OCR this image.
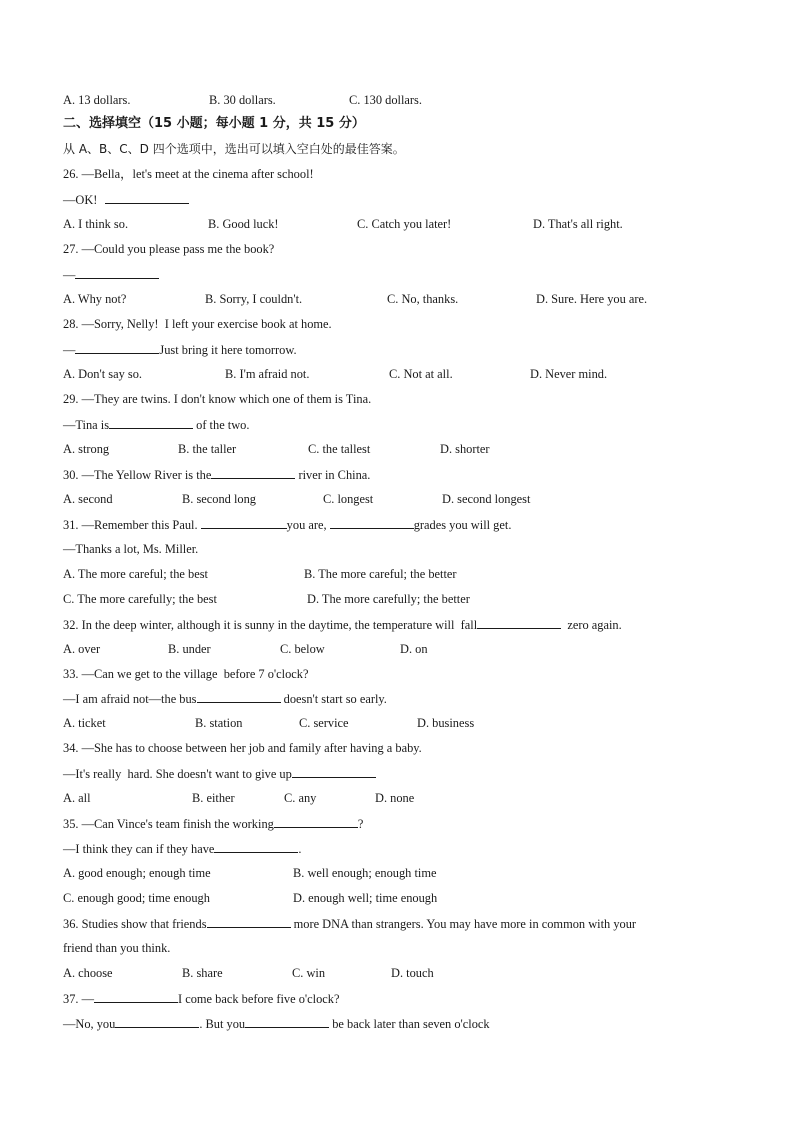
A. 13 dollars.	B. 30 dollars.	C. 130 dollars.
二、选择填空（15 小题；每小题 1 分，共 15 分）
从 A、B、C、D 四个选项中，选出可以填入空白处的最佳答案。
26. —Bella，let's meet at the cinema after school!
—OK!
A. I think so.	B. Good luck!	C. Catch you later!	D. That's all right.
27. —Could you please pass me the book?
—
A. Why not?	B. Sorry, I couldn't.	C. No, thanks.	D. Sure. Here you are.
28. —Sorry, Nelly!  I left your exercise book at home.
—	Just bring it here tomorrow.
A. Don't say so.	B. I'm afraid not.	C. Not at all.	D. Never mind.
29. —They are twins. I don't know which one of them is Tina.
—Tina is	of the two.
A. strong	B. the taller	C. the tallest	D. shorter
30. —The Yellow River is the	river in China.
A. second	B. second long	C. longest	D. second longest
31. —Remember this Paul.	you are,	grades you will get.
—Thanks a lot, Ms. Miller.
A. The more careful; the best	B. The more careful; the better
C. The more carefully; the best	D. The more carefully; the better
32. In the deep winter, although it is sunny in the daytime, the temperature will  fall	zero again.
A. over	B. under	C. below	D. on
33. —Can we get to the village  before 7 o'clock?
—I am afraid not—the bus	doesn't start so early.
A. ticket	B. station	C. service	D. business
34. —She has to choose between her job and family after having a baby.
—It's really  hard. She doesn't want to give up
A. all	B. either	C. any	D. none
35. —Can Vince's team finish the working	?
—I think they can if they have	.
A. good enough; enough time	B. well enough; enough time
C. enough good; time enough	D. enough well; time enough
36. Studies show that friends	more DNA than strangers. You may have more in common with your
friend than you think.
A. choose	B. share	C. win	D. touch
37. —	I come back before five o'clock?
—No, you	. But you	be back later than seven o'clock
